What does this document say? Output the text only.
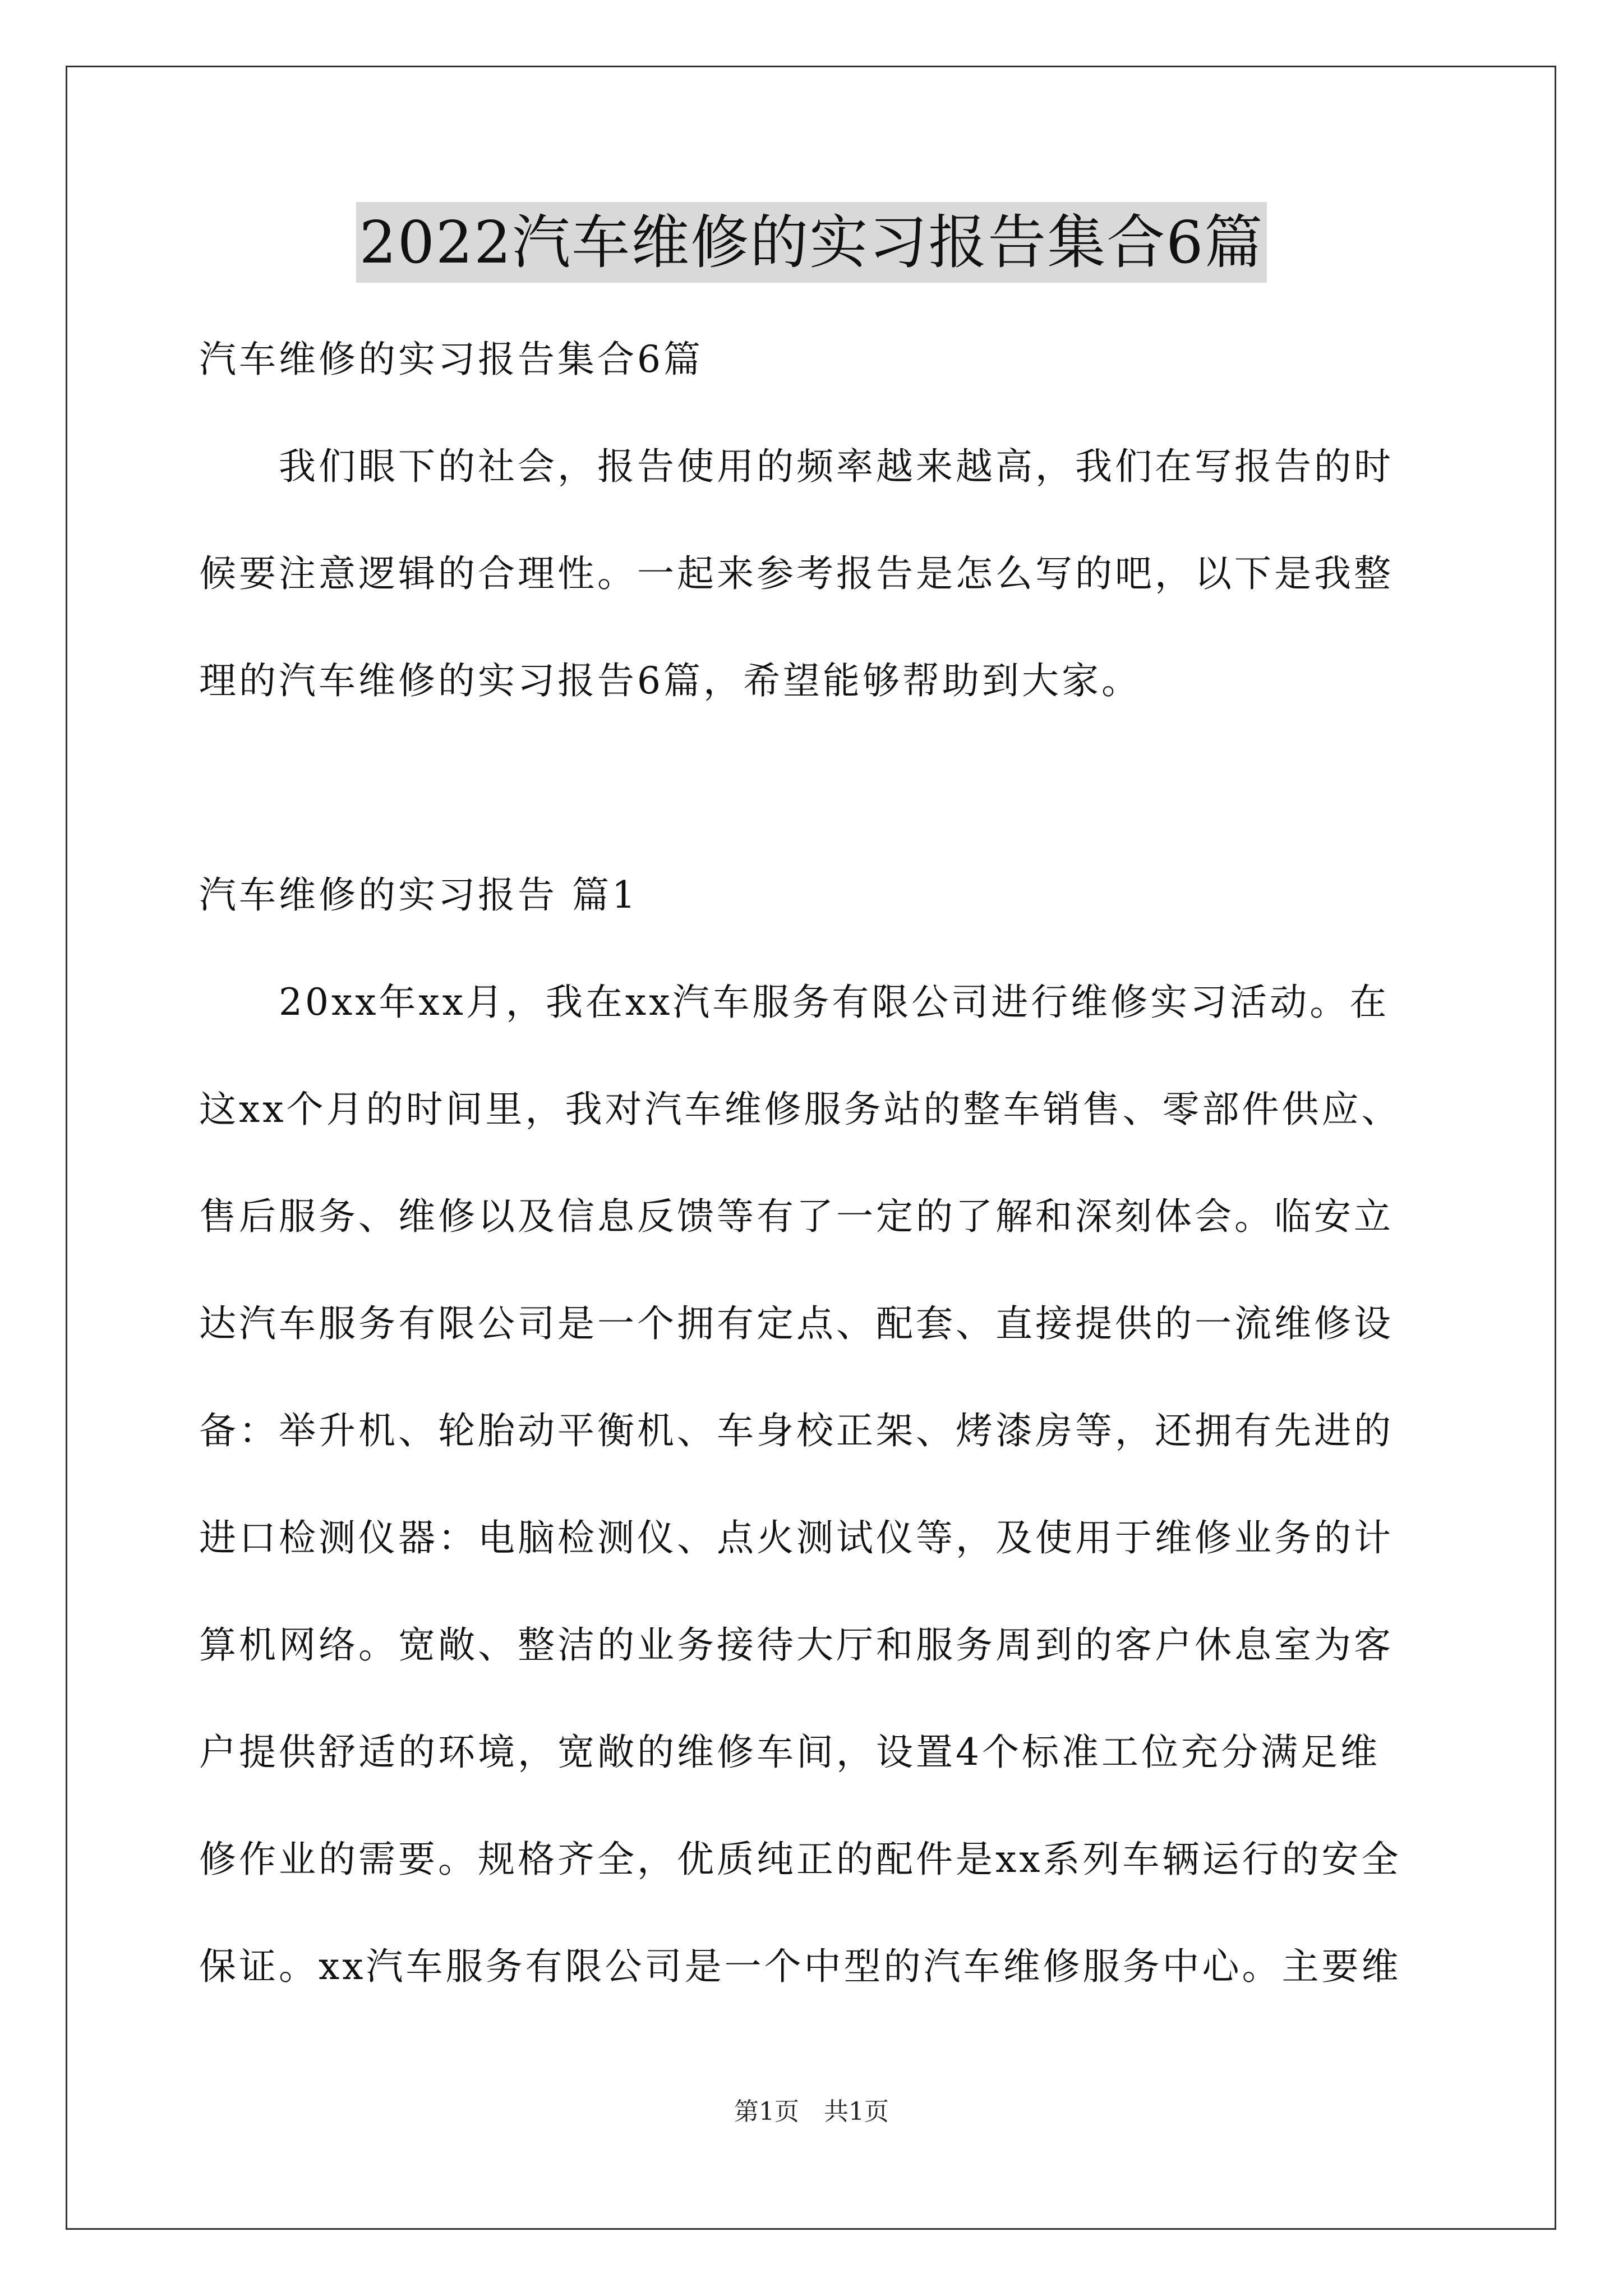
2022汽车维修的实习报告集合6篇
汽车维修的实习报告集合6篇
我们眼下的社会，报告使用的频率越来越高，我们在写报告的时
候要注意逻辑的合理性。一起来参考报告是怎么写的吧，以下是我整
理的汽车维修的实习报告6篇，希望能够帮助到大家。
汽车维修的实习报告 篇1
20xx年xx月，我在xx汽车服务有限公司进行维修实习活动。在
这xx个月的时间里，我对汽车维修服务站的整车销售、零部件供应、
售后服务、维修以及信息反馈等有了一定的了解和深刻体会。临安立
达汽车服务有限公司是一个拥有定点、配套、直接提供的一流维修设
备：举升机、轮胎动平衡机、车身校正架、烤漆房等，还拥有先进的
进口检测仪器：电脑检测仪、点火测试仪等，及使用于维修业务的计
算机网络。宽敞、整洁的业务接待大厅和服务周到的客户休息室为客
户提供舒适的环境，宽敞的维修车间，设置4个标准工位充分满足维
修作业的需要。规格齐全，优质纯正的配件是xx系列车辆运行的安全
保证。xx汽车服务有限公司是一个中型的汽车维修服务中心。主要维
第1页　共1页
